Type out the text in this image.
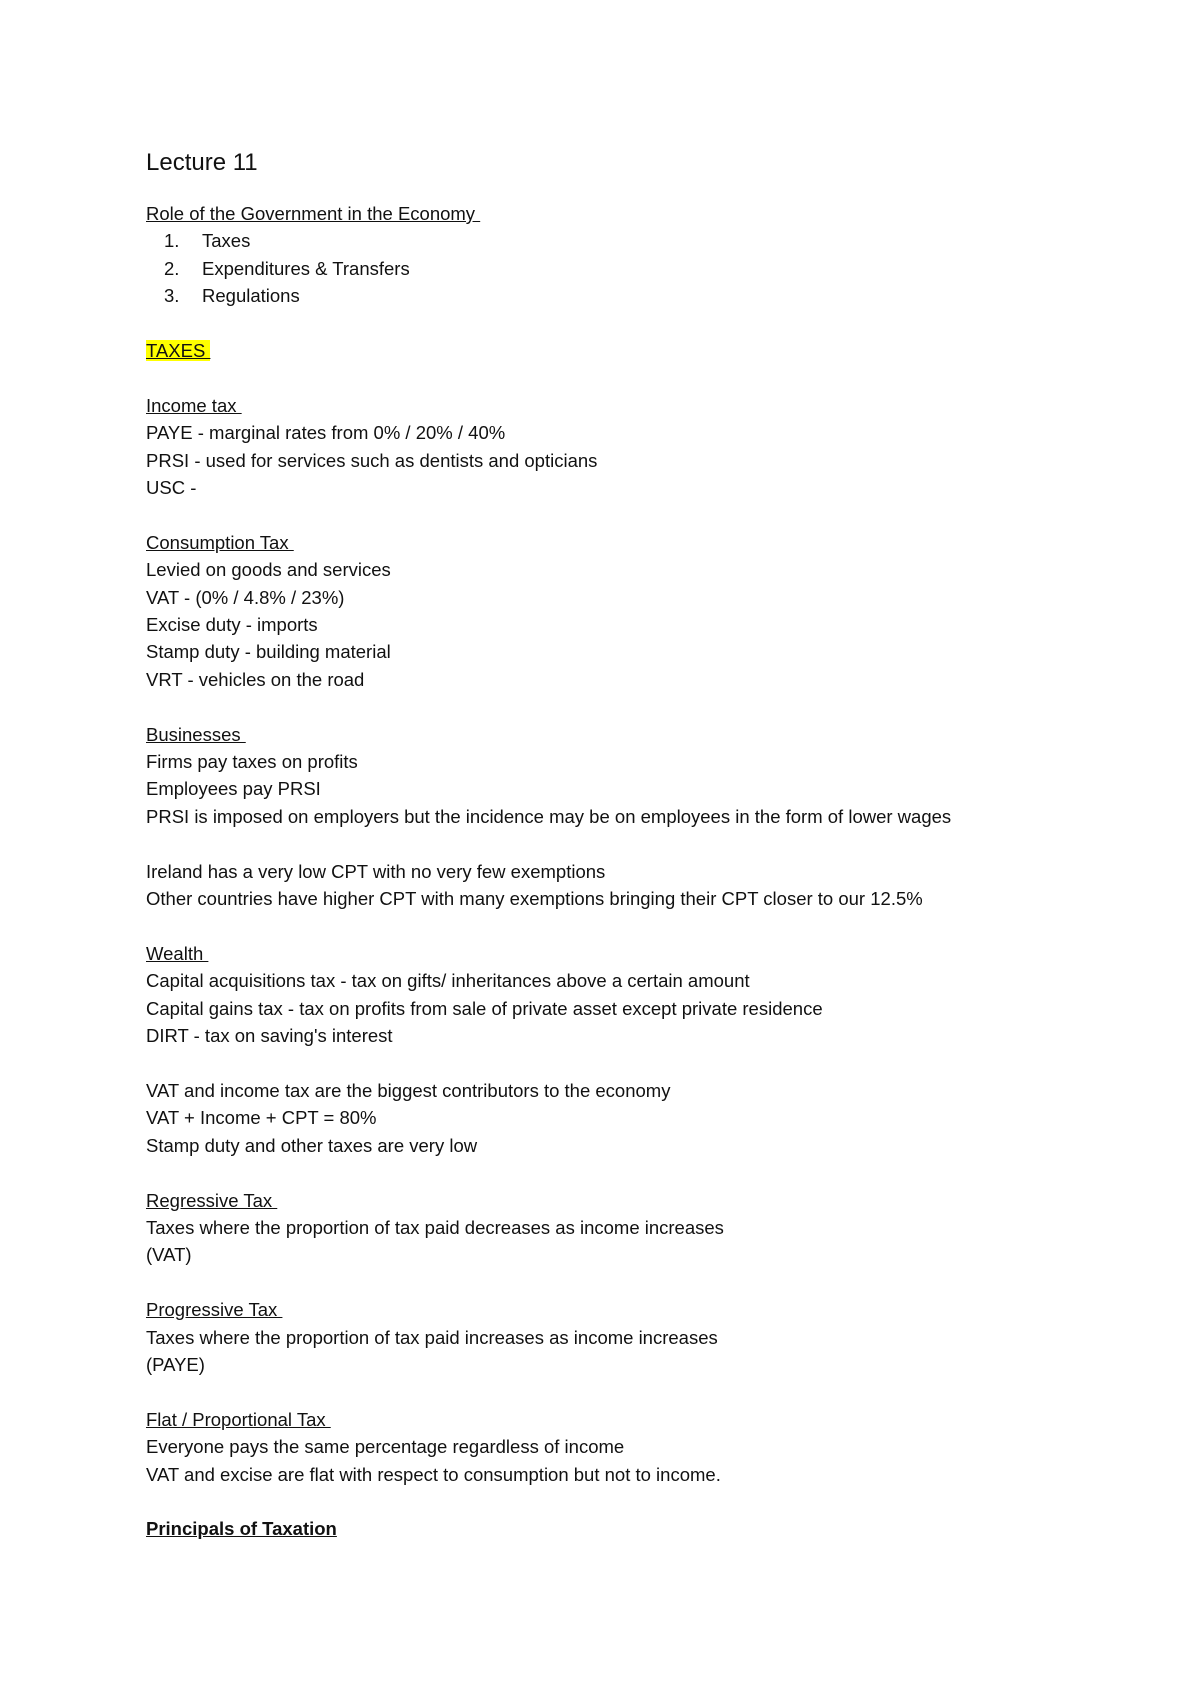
Lecture 11
Role of the Government in the Economy
1. Taxes
2. Expenditures & Transfers
3. Regulations
TAXES
Income tax
PAYE - marginal rates from 0% / 20% / 40%
PRSI - used for services such as dentists and opticians
USC -
Consumption Tax
Levied on goods and services
VAT - (0% / 4.8% / 23%)
Excise duty - imports
Stamp duty - building material
VRT - vehicles on the road
Businesses
Firms pay taxes on profits
Employees pay PRSI
PRSI is imposed on employers but the incidence may be on employees in the form of lower wages
Ireland has a very low CPT with no very few exemptions
Other countries have higher CPT with many exemptions bringing their CPT closer to our 12.5%
Wealth
Capital acquisitions tax - tax on gifts/ inheritances above a certain amount
Capital gains tax - tax on profits from sale of private asset except private residence
DIRT - tax on saving's interest
VAT and income tax are the biggest contributors to the economy
VAT + Income + CPT = 80%
Stamp duty and other taxes are very low
Regressive Tax
Taxes where the proportion of tax paid decreases as income increases
(VAT)
Progressive Tax
Taxes where the proportion of tax paid increases as income increases
(PAYE)
Flat / Proportional Tax
Everyone pays the same percentage regardless of income
VAT and excise are flat with respect to consumption but not to income.
Principals of Taxation
